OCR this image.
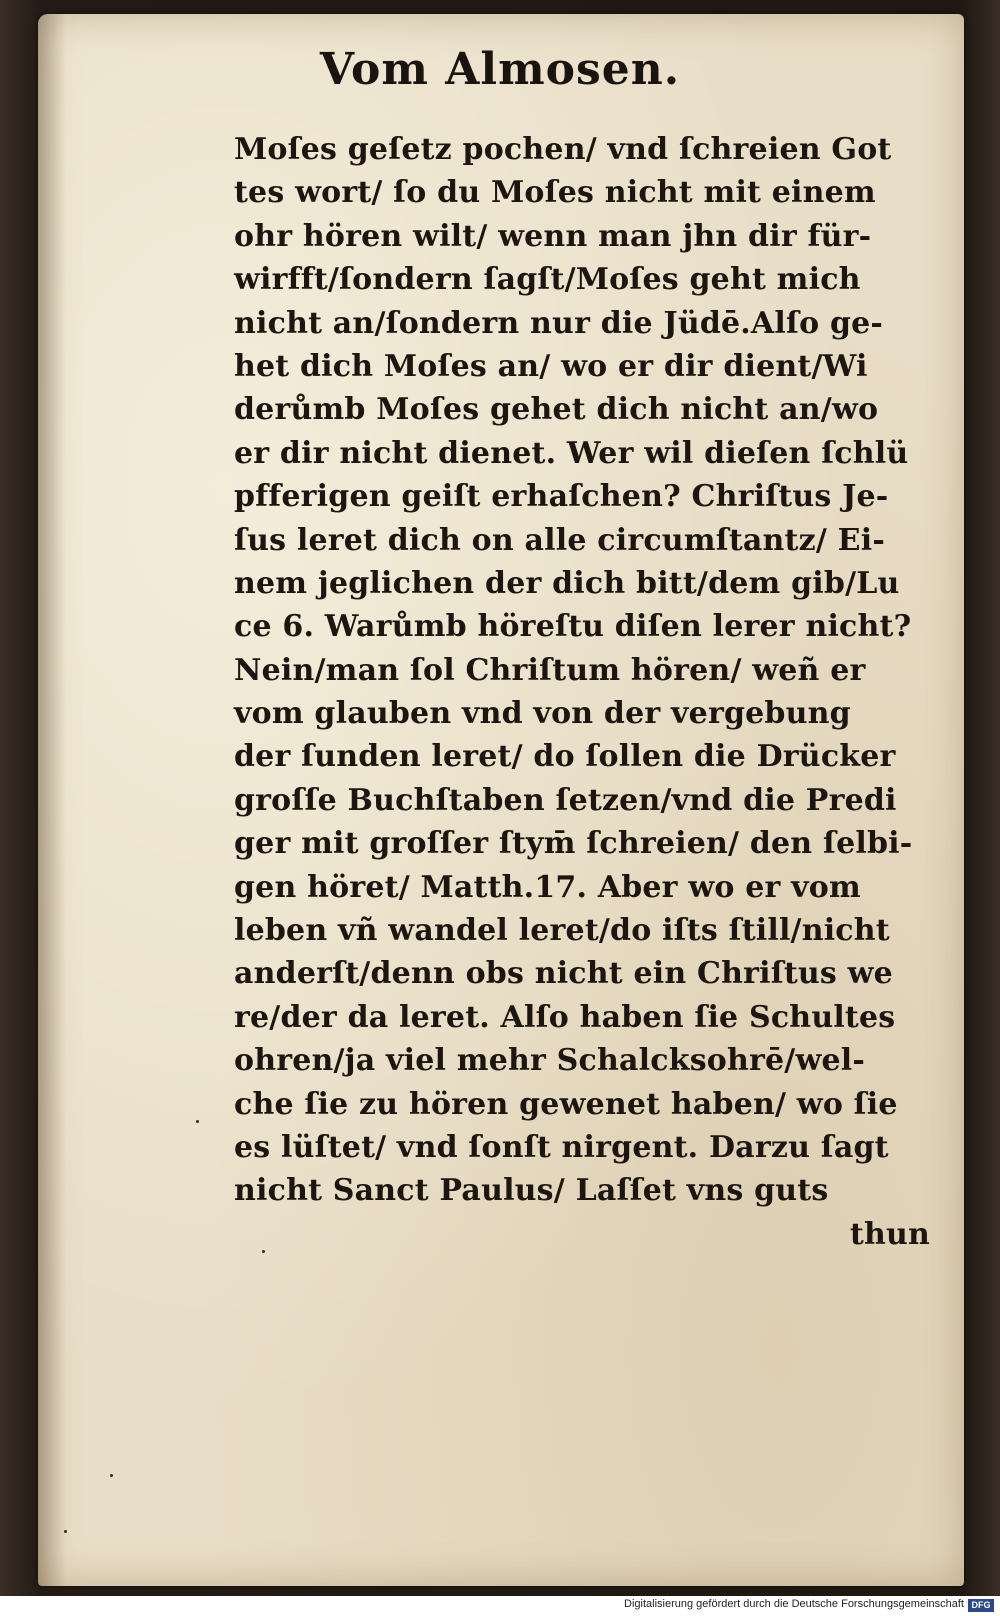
Vom Almosen.
Moſes geſetz pochen/ vnd ſchreien Got
tes wort/ ſo du Moſes nicht mit einem
ohr hören wilt/ wenn man jhn dir für-
wirfft/ſondern ſagſt/Moſes geht mich
nicht an/ſondern nur die Jüdē.Alſo ge-
het dich Moſes an/ wo er dir dient/Wi
derůmb Moſes gehet dich nicht an/wo
er dir nicht dienet. Wer wil dieſen ſchlü
pfferigen geiſt erhaſchen? Chriſtus Je-
ſus leret dich on alle circumſtantz/ Ei-
nem jeglichen der dich bitt/dem gib/Lu
ce 6. Warůmb höreſtu diſen lerer nicht?
Nein/man ſol Chriſtum hören/ weñ er
vom glauben vnd von der vergebung
der ſunden leret/ do ſollen die Drücker
groſſe Buchſtaben ſetzen/vnd die Predi
ger mit groſſer ſtym̄ ſchreien/ den ſelbi-
gen höret/ Matth.17. Aber wo er vom
leben vñ wandel leret/do iſts ſtill/nicht
anderſt/denn obs nicht ein Chriſtus we
re/der da leret. Alſo haben ſie Schultes
ohren/ja viel mehr Schalcksohrē/wel-
che ſie zu hören gewenet haben/ wo ſie
es lüſtet/ vnd ſonſt nirgent. Darzu ſagt
nicht Sanct Paulus/ Laſſet vns guts
thun
Digitalisierung gefördert durch die Deutsche Forschungsgemeinschaft DFG
